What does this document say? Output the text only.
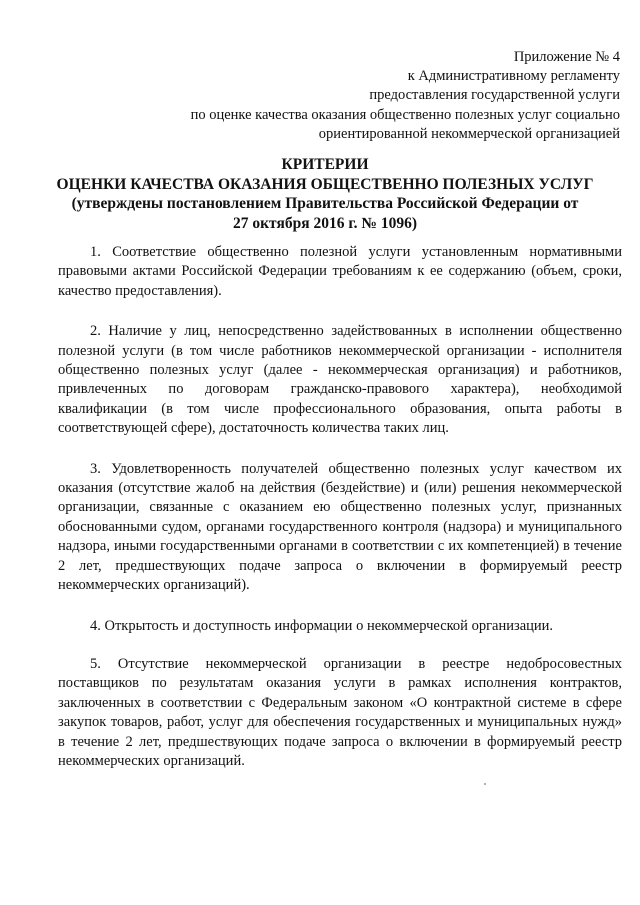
Приложение № 4
к Административному регламенту
предоставления государственной услуги
по оценке качества оказания общественно полезных услуг социально
ориентированной некоммерческой организацией
КРИТЕРИИ
ОЦЕНКИ КАЧЕСТВА ОКАЗАНИЯ ОБЩЕСТВЕННО ПОЛЕЗНЫХ УСЛУГ
(утверждены постановлением Правительства Российской Федерации от 27 октября 2016 г. № 1096)

1. Соответствие общественно полезной услуги установленным нормативными правовыми актами Российской Федерации требованиям к ее содержанию (объем, сроки, качество предоставления).

2. Наличие у лиц, непосредственно задействованных в исполнении общественно полезной услуги (в том числе работников некоммерческой организации - исполнителя общественно полезных услуг (далее - некоммерческая организация) и работников, привлеченных по договорам гражданско-правового характера), необходимой квалификации (в том числе профессионального образования, опыта работы в соответствующей сфере), достаточность количества таких лиц.

3. Удовлетворенность получателей общественно полезных услуг качеством их оказания (отсутствие жалоб на действия (бездействие) и (или) решения некоммерческой организации, связанные с оказанием ею общественно полезных услуг, признанных обоснованными судом, органами государственного контроля (надзора) и муниципального надзора, иными государственными органами в соответствии с их компетенцией) в течение 2 лет, предшествующих подаче запроса о включении в формируемый реестр некоммерческих организаций).

4. Открытость и доступность информации о некоммерческой организации.

5. Отсутствие некоммерческой организации в реестре недобросовестных поставщиков по результатам оказания услуги в рамках исполнения контрактов, заключенных в соответствии с Федеральным законом «О контрактной системе в сфере закупок товаров, работ, услуг для обеспечения государственных и муниципальных нужд» в течение 2 лет, предшествующих подаче запроса о включении в формируемый реестр некоммерческих организаций.
